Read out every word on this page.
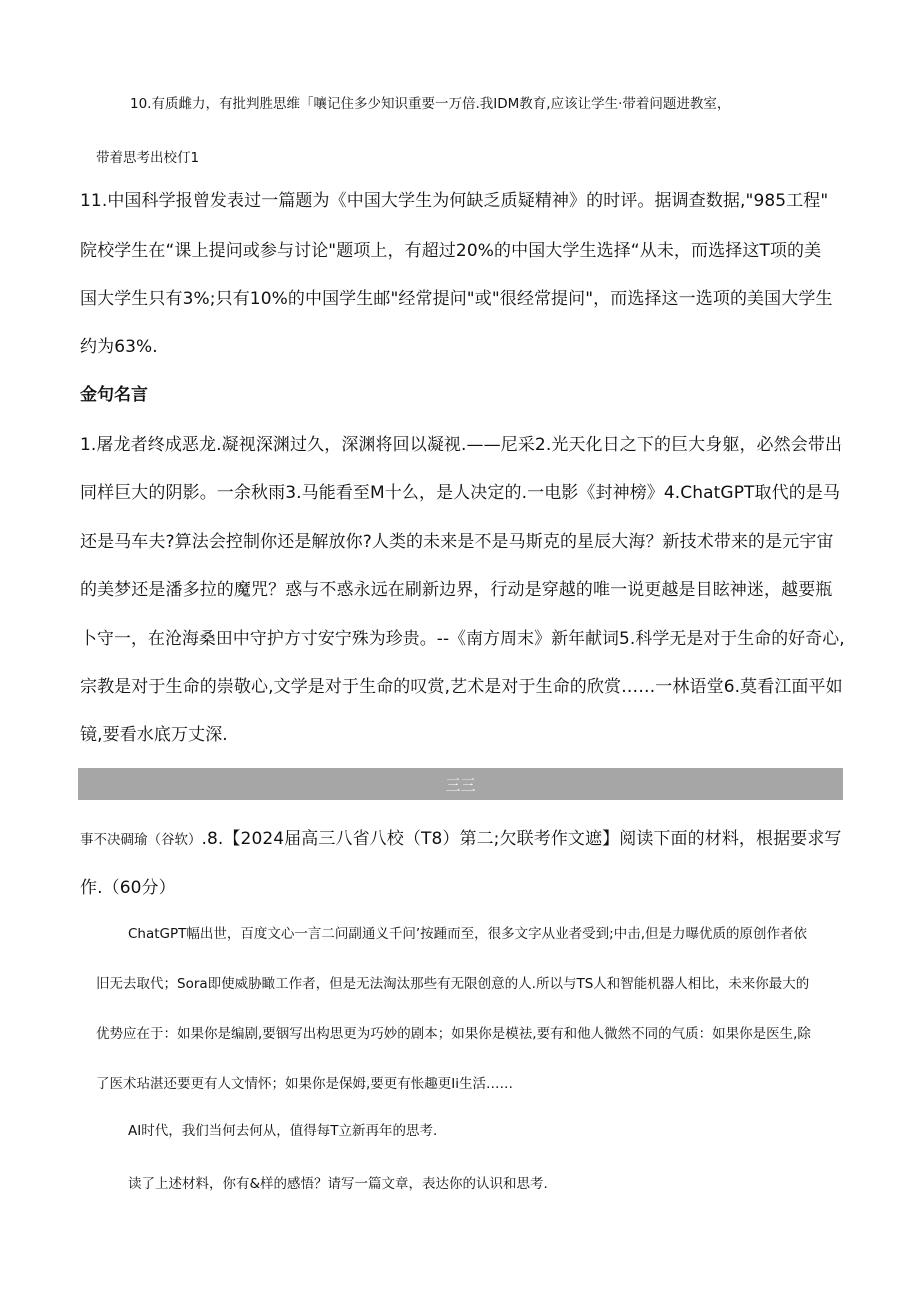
10.有质雌力，有批判胜思维「嚷记住多少知识重要一万倍.我IDM教育,应该让学生·带着问题进教室，

带着思考出校仃1

11.中国科学报曾发表过一篇题为《中国大学生为何缺乏质疑精神》的时评。据调查数据,"985工程"

院校学生在“课上提问或参与讨论"题项上，有超过20%的中国大学生选择“从未，而选择这T项的美

国大学生只有3%;只有10%的中国学生邮"经常提问"或"很经常提问"，而选择这一选项的美国大学生

约为63%.

金句名言

1.屠龙者终成恶龙.凝视深渊过久，深渊将回以凝视.——尼采2.光天化日之下的巨大身躯，必然会带出

同样巨大的阴影。一余秋雨3.马能看至M十么，是人决定的.一电影《封神榜》4.ChatGPT取代的是马

还是马车夫?算法会控制你还是解放你?人类的未来是不是马斯克的星辰大海？新技术带来的是元宇宙

的美梦还是潘多拉的魔咒？惑与不惑永远在刷新边界，行动是穿越的唯一说更越是目眩神迷，越要瓶

卜守一，在沧海桑田中守护方寸安宁殊为珍贵。--《南方周末》新年献词5.科学无是对于生命的好奇心,

宗教是对于生命的崇敬心,文学是对于生命的叹赏,艺术是对于生命的欣赏……一林语堂6.莫看江面平如

镜,要看水底万丈深.

三三

事不决碉瑜（谷软）.8.【2024届高三八省八校（T8）第二;欠联考作文遮】阅读下面的材料，根据要求写

作.（60分）

ChatGPT幅出世，百度文心一言二问副通义千问’按踵而至，很多文字从业者受到;中击,但是力曝优质的原创作者依

旧无去取代；Sora即使威胁瞰工作者，但是无法淘汰那些有无限创意的人.所以与TS人和智能机器人相比，未来你最大的

优势应在于：如果你是编剧,要铟写出构思更为巧妙的剧本；如果你是模祛,要有和他人微然不同的气质：如果你是医生,除

了医术玷湛还要更有人文情怀；如果你是保姆,要更有怅趣更Ii生活……

AI时代，我们当何去何从，值得每T立新再年的思考.

读了上述材料，你有&样的感悟？请写一篇文章，表达你的认识和思考.
